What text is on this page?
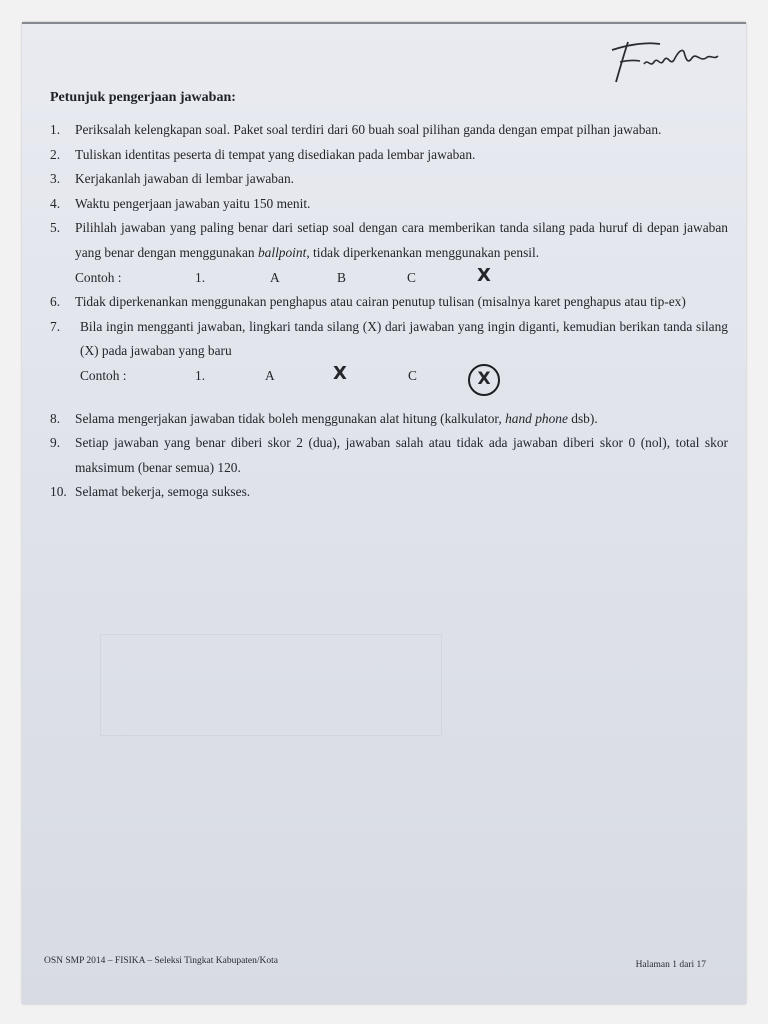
Petunjuk pengerjaan jawaban:
1. Periksalah kelengkapan soal. Paket soal terdiri dari 60 buah soal pilihan ganda dengan empat pilhan jawaban.
2. Tuliskan identitas peserta di tempat yang disediakan pada lembar jawaban.
3. Kerjakanlah jawaban di lembar jawaban.
4. Waktu pengerjaan jawaban yaitu 150 menit.
5. Pilihlah jawaban yang paling benar dari setiap soal dengan cara memberikan tanda silang pada huruf di depan jawaban yang benar dengan menggunakan ballpoint, tidak diperkenankan menggunakan pensil.
Contoh :	1.	A	B	C	X
6. Tidak diperkenankan menggunakan penghapus atau cairan penutup tulisan (misalnya karet penghapus atau tip-ex)
7. Bila ingin mengganti jawaban, lingkari tanda silang (X) dari jawaban yang ingin diganti, kemudian berikan tanda silang (X) pada jawaban yang baru
Contoh :	1.	A	X	C	X
8. Selama mengerjakan jawaban tidak boleh menggunakan alat hitung (kalkulator, hand phone dsb).
9. Setiap jawaban yang benar diberi skor 2 (dua), jawaban salah atau tidak ada jawaban diberi skor 0 (nol), total skor maksimum (benar semua) 120.
10. Selamat bekerja, semoga sukses.
OSN SMP 2014 – FISIKA – Seleksi Tingkat Kabupaten/Kota	Halaman 1 dari 17
